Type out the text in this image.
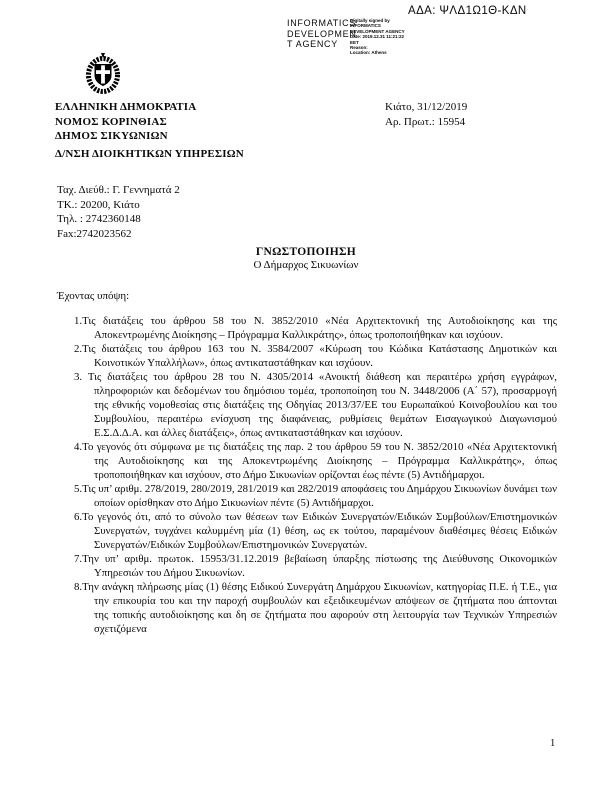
ΑΔΑ: ΨΛΔ1Ω1Θ-ΚΔΝ
INFORMATICS
DEVELOPMEN
T AGENCY
Digitally signed by
INFORMATICS
DEVELOPMENT AGENCY
Date: 2019.12.31 11:21:22
EET
Reason:
Location: Athens
ΕΛΛΗΝΙΚΗ ΔΗΜΟΚΡΑΤΙΑ
ΝΟΜΟΣ ΚΟΡΙΝΘΙΑΣ
ΔΗΜΟΣ ΣΙΚΥΩΝΙΩΝ
Δ/ΝΣΗ ΔΙΟΙΚΗΤΙΚΩΝ ΥΠΗΡΕΣΙΩΝ
Κιάτο, 31/12/2019
Αρ. Πρωτ.: 15954
Ταχ. Διεύθ.: Γ. Γεννηματά 2
ΤΚ.: 20200, Κιάτο
Τηλ. : 2742360148
Fax:2742023562
ΓΝΩΣΤΟΠΟΙΗΣΗ
Ο Δήμαρχος Σικυωνίων
Έχοντας υπόψη:
1.Τις διατάξεις του άρθρου 58 του Ν. 3852/2010 «Νέα Αρχιτεκτονική της Αυτοδιοίκησης και της Αποκεντρωμένης Διοίκησης – Πρόγραμμα Καλλικράτης», όπως τροποποιήθηκαν και ισχύουν.
2.Τις διατάξεις του άρθρου 163 του Ν. 3584/2007 «Κύρωση του Κώδικα Κατάστασης Δημοτικών και Κοινοτικών Υπαλλήλων», όπως αντικαταστάθηκαν και ισχύουν.
3. Τις διατάξεις του άρθρου 28 του Ν. 4305/2014 «Ανοικτή διάθεση και περαιτέρω χρήση εγγράφων, πληροφοριών και δεδομένων του δημόσιου τομέα, τροποποίηση του Ν. 3448/2006 (Α΄ 57), προσαρμογή της εθνικής νομοθεσίας στις διατάξεις της Οδηγίας 2013/37/ΕΕ του Ευρωπαϊκού Κοινοβουλίου και του Συμβουλίου, περαιτέρω ενίσχυση της διαφάνειας, ρυθμίσεις θεμάτων Εισαγωγικού Διαγωνισμού Ε.Σ.Δ.Δ.Α. και άλλες διατάξεις», όπως αντικαταστάθηκαν και ισχύουν.
4.Το γεγονός ότι σύμφωνα με τις διατάξεις της παρ. 2 του άρθρου 59 του Ν. 3852/2010 «Νέα Αρχιτεκτονική της Αυτοδιοίκησης και της Αποκεντρωμένης Διοίκησης – Πρόγραμμα Καλλικράτης», όπως τροποποιήθηκαν και ισχύουν, στο Δήμο Σικυωνίων ορίζονται έως πέντε (5) Αντιδήμαρχοι.
5.Τις υπ’ αριθμ. 278/2019, 280/2019, 281/2019 και 282/2019 αποφάσεις του Δημάρχου Σικυωνίων δυνάμει των οποίων ορίσθηκαν στο Δήμο Σικυωνίων πέντε (5) Αντιδήμαρχοι.
6.Το γεγονός ότι, από το σύνολο των θέσεων των Ειδικών Συνεργατών/Ειδικών Συμβούλων/Επιστημονικών Συνεργατών, τυγχάνει καλυμμένη μία (1) θέση, ως εκ τούτου, παραμένουν διαθέσιμες θέσεις Ειδικών Συνεργατών/Ειδικών Συμβούλων/Επιστημονικών Συνεργατών.
7.Την υπ’ αριθμ. πρωτοκ. 15953/31.12.2019 βεβαίωση ύπαρξης πίστωσης της Διεύθυνσης Οικονομικών Υπηρεσιών του Δήμου Σικυωνίων.
8.Την ανάγκη πλήρωσης μίας (1) θέσης Ειδικού Συνεργάτη Δημάρχου Σικυωνίων, κατηγορίας Π.Ε. ή Τ.Ε., για την επικουρία του και την παροχή συμβουλών και εξειδικευμένων απόψεων σε ζητήματα που άπτονται της τοπικής αυτοδιοίκησης και δη σε ζητήματα που αφορούν στη λειτουργία των Τεχνικών Υπηρεσιών σχετιζόμενα
1
